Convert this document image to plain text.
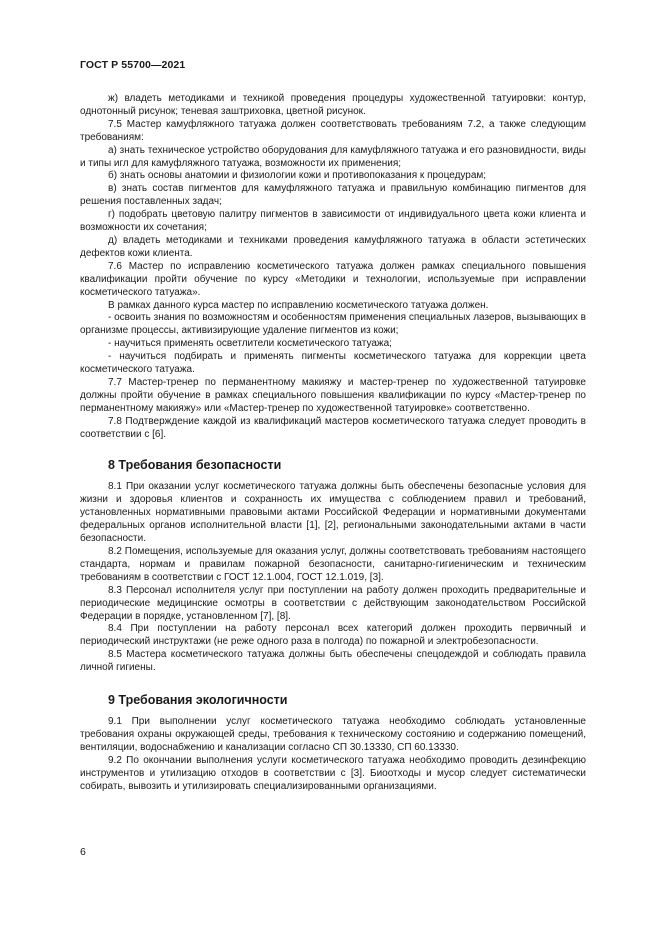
ГОСТ Р 55700—2021

ж) владеть методиками и техникой проведения процедуры художественной татуировки: контур, однотонный рисунок; теневая заштриховка, цветной рисунок.

7.5 Мастер камуфляжного татуажа должен соответствовать требованиям 7.2, а также следующим требованиям:

а) знать техническое устройство оборудования для камуфляжного татуажа и его разновидности, виды и типы игл для камуфляжного татуажа, возможности их применения;

б) знать основы анатомии и физиологии кожи и противопоказания к процедурам;

в) знать состав пигментов для камуфляжного татуажа и правильную комбинацию пигментов для решения поставленных задач;

г) подобрать цветовую палитру пигментов в зависимости от индивидуального цвета кожи клиента и возможности их сочетания;

д) владеть методиками и техниками проведения камуфляжного татуажа в области эстетических дефектов кожи клиента.

7.6 Мастер по исправлению косметического татуажа должен рамках специального повышения квалификации пройти обучение по курсу «Методики и технологии, используемые при исправлении косметического татуажа».

В рамках данного курса мастер по исправлению косметического татуажа должен.

- освоить знания по возможностям и особенностям применения специальных лазеров, вызывающих в организме процессы, активизирующие удаление пигментов из кожи;

- научиться применять осветлители косметического татуажа;

- научиться подбирать и применять пигменты косметического татуажа для коррекции цвета косметического татуажа.

7.7 Мастер-тренер по перманентному макияжу и мастер-тренер по художественной татуировке должны пройти обучение в рамках специального повышения квалификации по курсу «Мастер-тренер по перманентному макияжу» или «Мастер-тренер по художественной татуировке» соответственно.

7.8 Подтверждение каждой из квалификаций мастеров косметического татуажа следует проводить в соответствии с [6].

8 Требования безопасности

8.1 При оказании услуг косметического татуажа должны быть обеспечены безопасные условия для жизни и здоровья клиентов и сохранность их имущества с соблюдением правил и требований, установленных нормативными правовыми актами Российской Федерации и нормативными документами федеральных органов исполнительной власти [1], [2], региональными законодательными актами в части безопасности.

8.2 Помещения, используемые для оказания услуг, должны соответствовать требованиям настоящего стандарта, нормам и правилам пожарной безопасности, санитарно-гигиеническим и техническим требованиям в соответствии с ГОСТ 12.1.004, ГОСТ 12.1.019, [3].

8.3 Персонал исполнителя услуг при поступлении на работу должен проходить предварительные и периодические медицинские осмотры в соответствии с действующим законодательством Российской Федерации в порядке, установленном [7], [8].

8.4 При поступлении на работу персонал всех категорий должен проходить первичный и периодический инструктажи (не реже одного раза в полгода) по пожарной и электробезопасности.

8.5 Мастера косметического татуажа должны быть обеспечены спецодеждой и соблюдать правила личной гигиены.

9 Требования экологичности

9.1 При выполнении услуг косметического татуажа необходимо соблюдать установленные требования охраны окружающей среды, требования к техническому состоянию и содержанию помещений, вентиляции, водоснабжению и канализации согласно СП 30.13330, СП 60.13330.

9.2 По окончании выполнения услуги косметического татуажа необходимо проводить дезинфекцию инструментов и утилизацию отходов в соответствии с [3]. Биоотходы и мусор следует систематически собирать, вывозить и утилизировать специализированными организациями.

6
